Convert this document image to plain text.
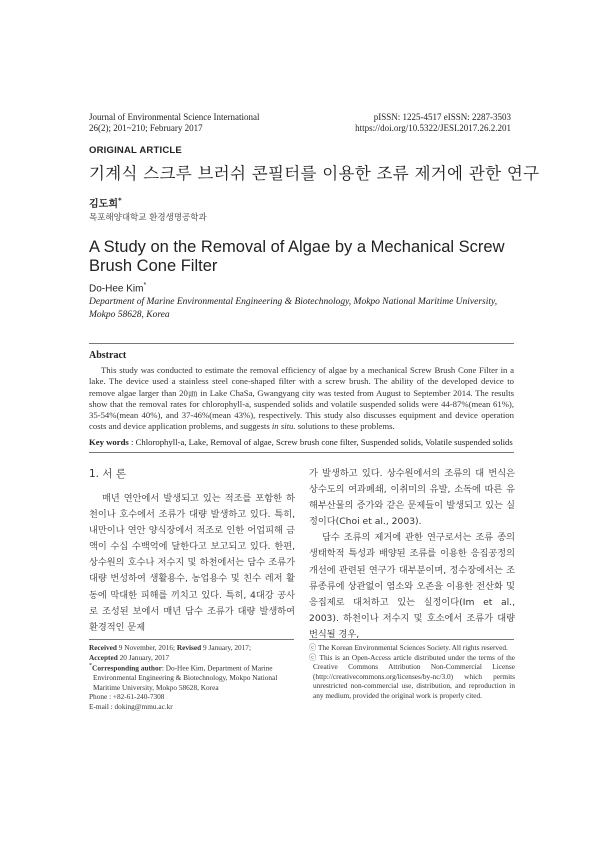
Journal of Environmental Science International
26(2); 201~210; February 2017
pISSN: 1225-4517 eISSN: 2287-3503
https://doi.org/10.5322/JESI.2017.26.2.201
ORIGINAL ARTICLE
기계식 스크루 브러쉬 콘필터를 이용한 조류 제거에 관한 연구
김도희*
목포해양대학교 환경생명공학과
A Study on the Removal of Algae by a Mechanical Screw Brush Cone Filter
Do-Hee Kim*
Department of Marine Environmental Engineering & Biotechnology, Mokpo National Maritime University, Mokpo 58628, Korea
Abstract
This study was conducted to estimate the removal efficiency of algae by a mechanical Screw Brush Cone Filter in a lake. The device used a stainless steel cone-shaped filter with a screw brush. The ability of the developed device to remove algae larger than 20㎛ in Lake ChaSa, Gwangyang city was tested from August to September 2014. The results show that the removal rates for chlorophyll-a, suspended solids and volatile suspended solids were 44-87%(mean 61%), 35-54%(mean 40%), and 37-46%(mean 43%), respectively. This study also discusses equipment and device operation costs and device application problems, and suggests in situ. solutions to these problems.
Key words : Chlorophyll-a, Lake, Removal of algae, Screw brush cone filter, Suspended solids, Volatile suspended solids
1. 서 론

매년 연안에서 발생되고 있는 적조를 포함한 하천이나 호수에서 조류가 대량 발생하고 있다. 특히, 내만이나 연안 양식장에서 적조로 인한 어업피해 금액이 수십 수백억에 달한다고 보고되고 있다. 한편, 상수원의 호수나 저수지 및 하천에서는 담수 조류가 대량 번성하여 생활용수, 농업용수 및 친수 레저 활동에 막대한 피해를 끼치고 있다. 특히, 4대강 공사로 조성된 보에서 매년 담수 조류가 대량 발생하여 환경적인 문제

가 발생하고 있다. 상수원에서의 조류의 대 번식은 상수도의 여과폐쇄, 이취미의 유발, 소독에 따른 유해부산물의 증가와 같은 문제들이 발생되고 있는 실정이다(Choi et al., 2003).

담수 조류의 제거에 관한 연구로서는 조류 종의 생태학적 특성과 배양된 조류를 이용한 응집공정의 개선에 관련된 연구가 대부분이며, 정수장에서는 조류종류에 상관없이 염소와 오존을 이용한 전산화 및 응집제로 대처하고 있는 실정이다(Im et al., 2003). 하천이나 저수지 및 호소에서 조류가 대량 번식될 경우,

Received 9 November, 2016; Revised 9 January, 2017;
Accepted 20 January, 2017
*Corresponding author: Do-Hee Kim, Department of Marine Environmental Engineering & Biotechnology, Mokpo National Maritime University, Mokpo 58628, Korea
Phone : +82-61-240-7308
E-mail : doking@mmu.ac.kr
ⓒ The Korean Environmental Sciences Society. All rights reserved.
ⓒ This is an Open-Access article distributed under the terms of the Creative Commons Attribution Non-Commercial License (http://creativecommons.org/licenses/by-nc/3.0) which permits unrestricted non-commercial use, distribution, and reproduction in any medium, provided the original work is properly cited.
